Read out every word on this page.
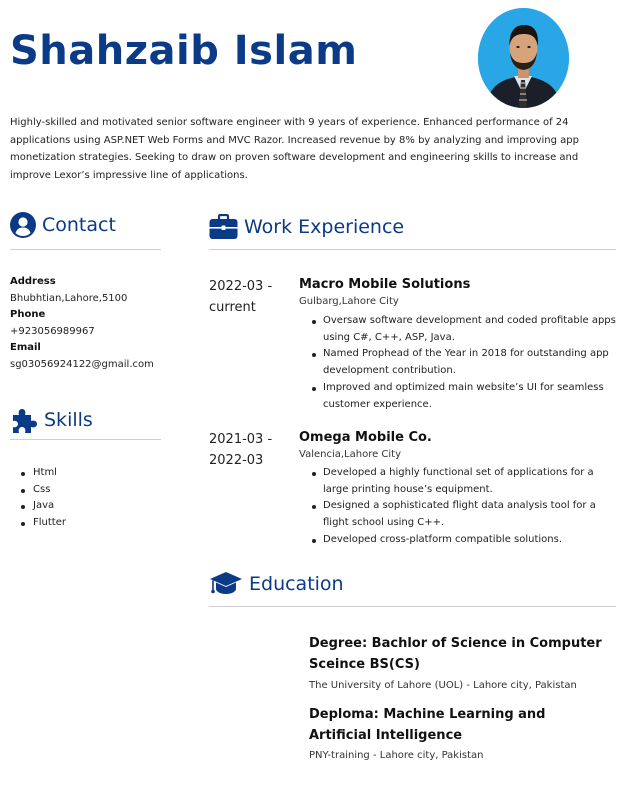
Shahzaib Islam

Highly-skilled and motivated senior software engineer with 9 years of experience. Enhanced performance of 24 applications using ASP.NET Web Forms and MVC Razor. Increased revenue by 8% by analyzing and improving app monetization strategies. Seeking to draw on proven software development and engineering skills to increase and improve Lexor’s impressive line of applications.

Contact
Address
Bhubhtian,Lahore,5100
Phone
+923056989967
Email
sg03056924122@gmail.com
Skills
Html
Css
Java
Flutter
Work Experience
2022-03 -
current
Macro Mobile Solutions
Gulbarg,Lahore City
Oversaw software development and coded profitable apps using C#, C++, ASP, Java.
Named Prophead of the Year in 2018 for outstanding app development contribution.
Improved and optimized main website’s UI for seamless customer experience.
2021-03 -
2022-03
Omega Mobile Co.
Valencia,Lahore City
Developed a highly functional set of applications for a large printing house’s equipment.
Designed a sophisticated flight data analysis tool for a flight school using C++.
Developed cross-platform compatible solutions.
Education
Degree: Bachlor of Science in Computer Sceince BS(CS)
The University of Lahore (UOL) - Lahore city, Pakistan
Deploma: Machine Learning and Artificial Intelligence
PNY-training - Lahore city, Pakistan
